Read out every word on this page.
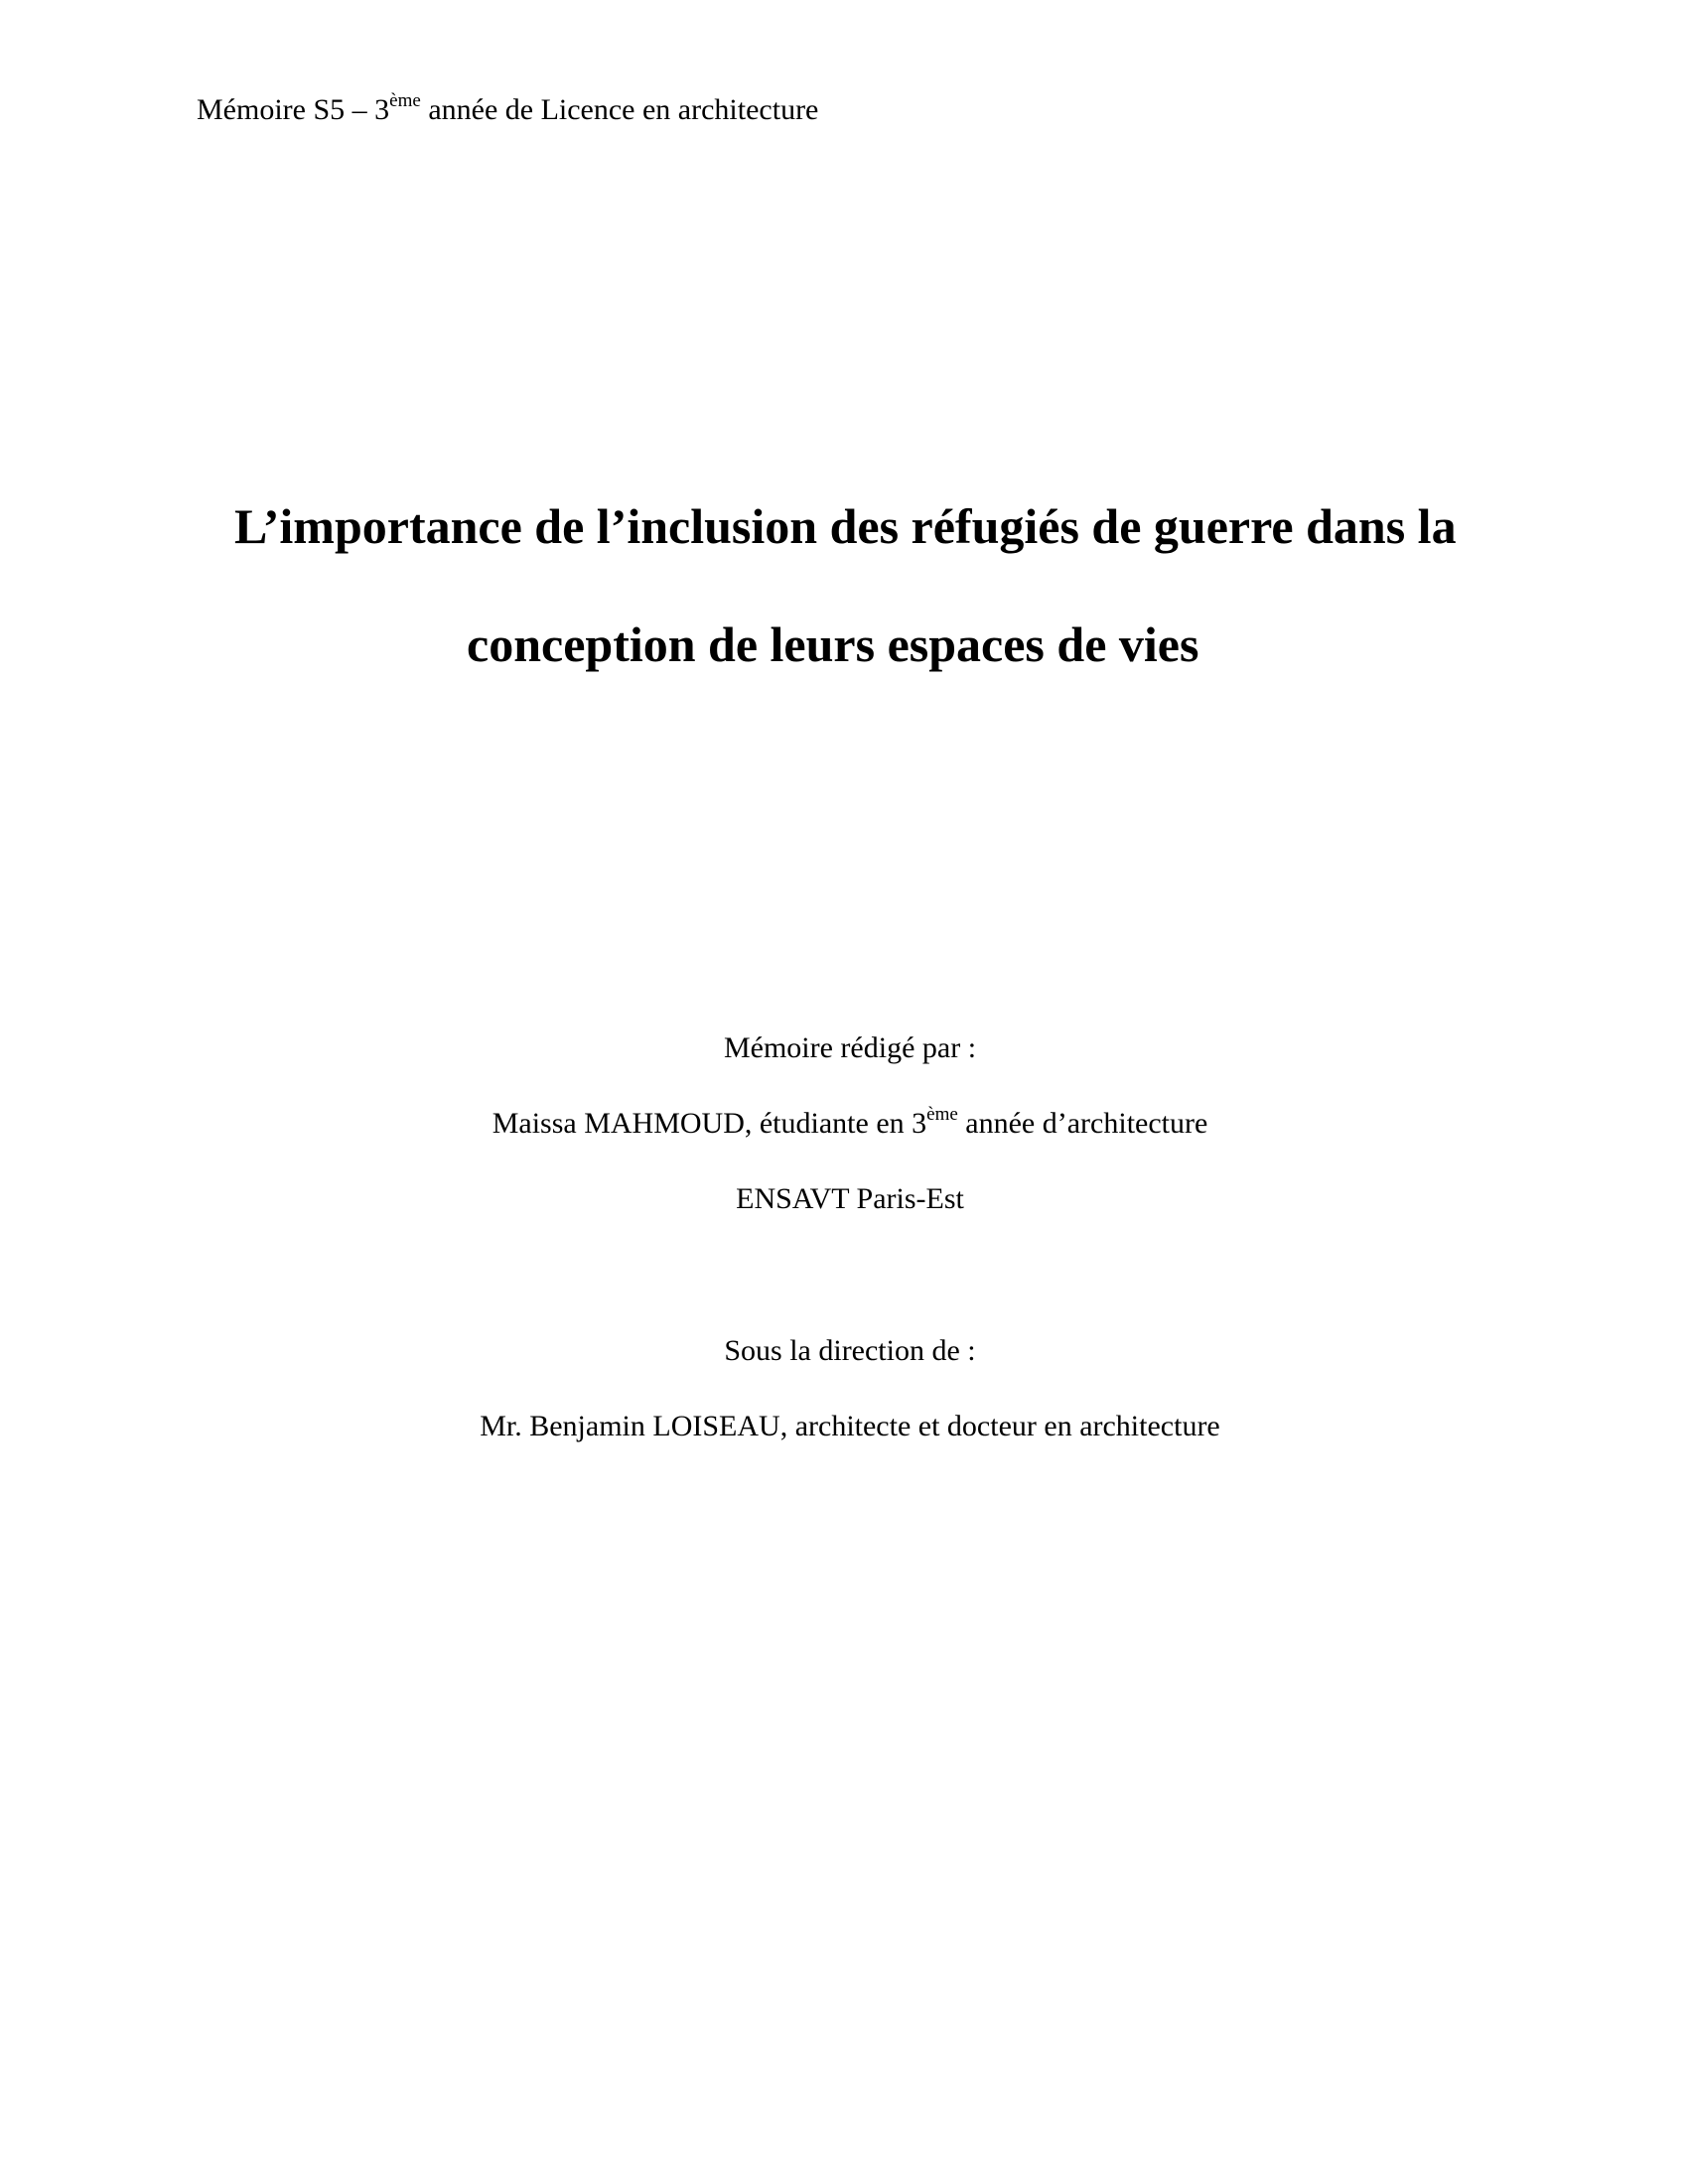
Mémoire S5 – 3ème année de Licence en architecture
L’importance de l’inclusion des réfugiés de guerre dans la
conception de leurs espaces de vies
Mémoire rédigé par :
Maissa MAHMOUD, étudiante en 3ème année d’architecture
ENSAVT Paris-Est
Sous la direction de :
Mr. Benjamin LOISEAU, architecte et docteur en architecture
